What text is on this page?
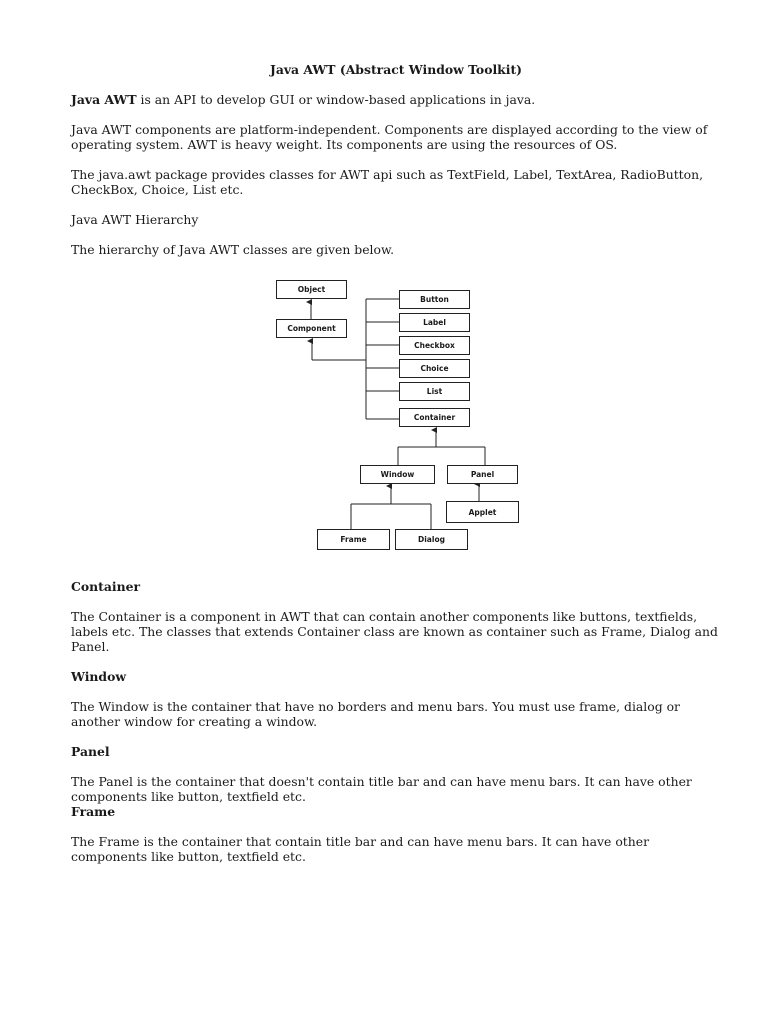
Java AWT (Abstract Window Toolkit)

Java AWT is an API to develop GUI or window-based applications in java.

Java AWT components are platform-independent. Components are displayed according to the view of operating system. AWT is heavy weight. Its components are using the resources of OS.

The java.awt package provides classes for AWT api such as TextField, Label, TextArea, RadioButton, CheckBox, Choice, List etc.

Java AWT Hierarchy

The hierarchy of Java AWT classes are given below.

Container

The Container is a component in AWT that can contain another components like buttons, textfields, labels etc. The classes that extends Container class are known as container such as Frame, Dialog and Panel.

Window

The Window is the container that have no borders and menu bars. You must use frame, dialog or another window for creating a window.

Panel

The Panel is the container that doesn't contain title bar and can have menu bars. It can have other components like button, textfield etc.

Frame

The Frame is the container that contain title bar and can have menu bars. It can have other components like button, textfield etc.

Object
Component
Button
Label
Checkbox
Choice
List
Container
Window	Panel
Applet
Frame	Dialog
